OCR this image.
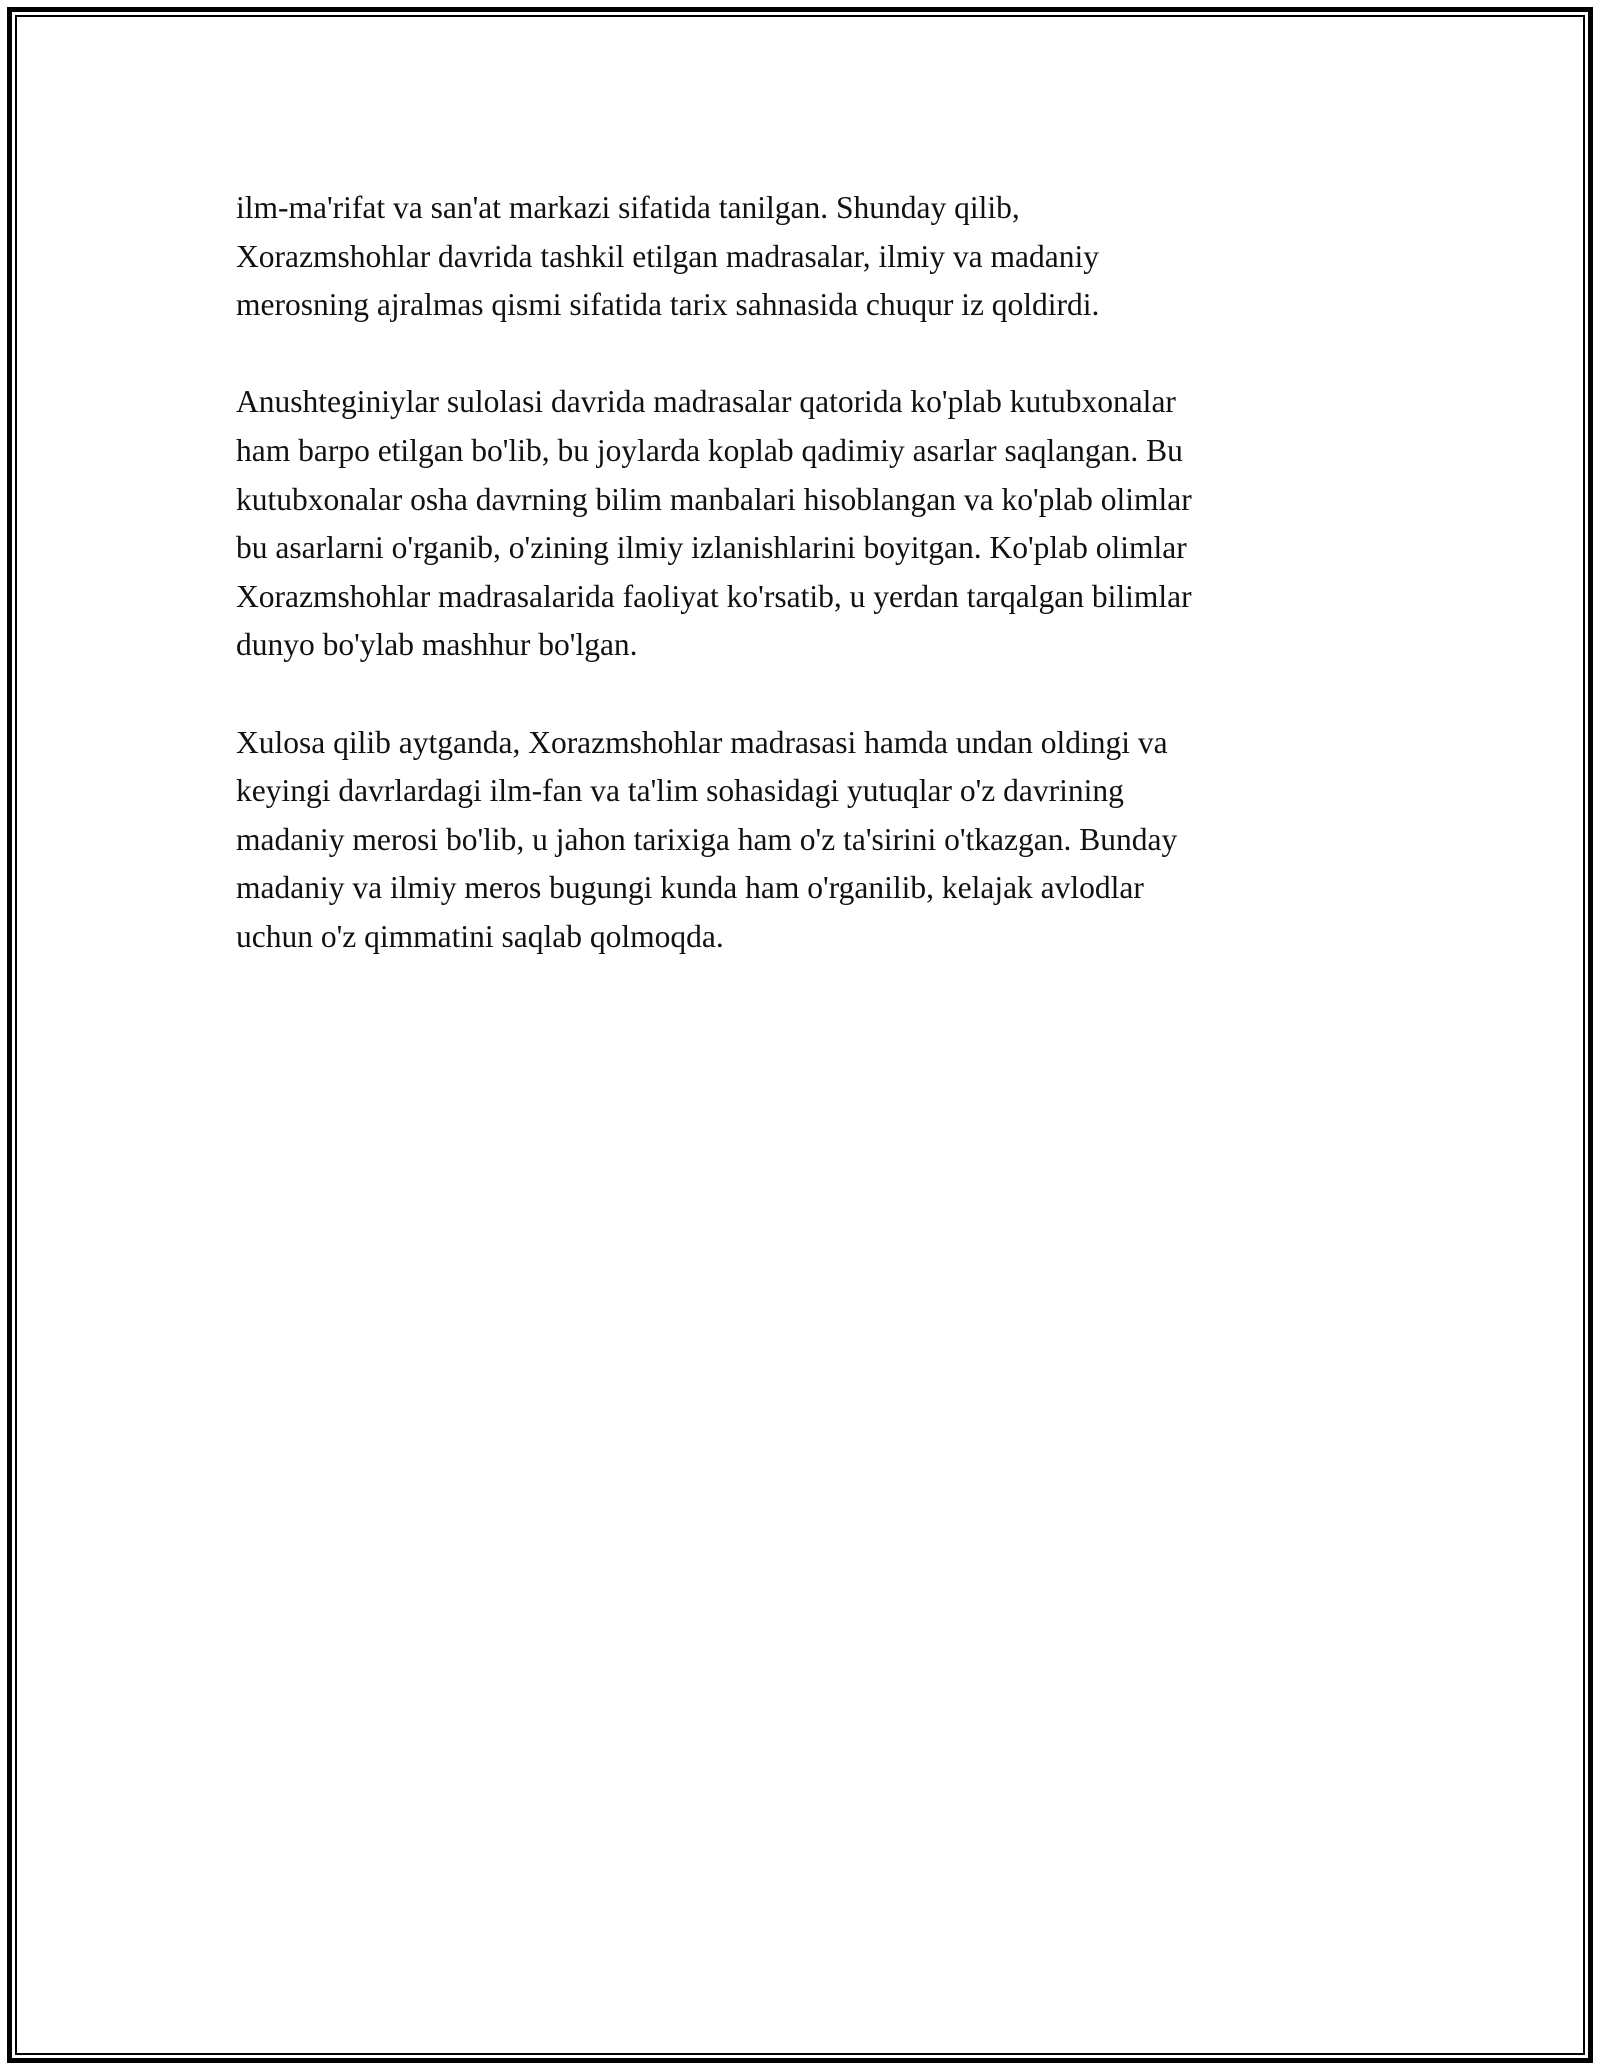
ilm-ma'rifat va san'at markazi sifatida tanilgan. Shunday qilib,
Xorazmshohlar davrida tashkil etilgan madrasalar, ilmiy va madaniy
merosning ajralmas qismi sifatida tarix sahnasida chuqur iz qoldirdi.

Anushteginiylar sulolasi davrida madrasalar qatorida ko'plab kutubxonalar
ham barpo etilgan bo'lib, bu joylarda koplab qadimiy asarlar saqlangan. Bu
kutubxonalar osha davrning bilim manbalari hisoblangan va ko'plab olimlar
bu asarlarni o'rganib, o'zining ilmiy izlanishlarini boyitgan. Ko'plab olimlar
Xorazmshohlar madrasalarida faoliyat ko'rsatib, u yerdan tarqalgan bilimlar
dunyo bo'ylab mashhur bo'lgan.

Xulosa qilib aytganda, Xorazmshohlar madrasasi hamda undan oldingi va
keyingi davrlardagi ilm-fan va ta'lim sohasidagi yutuqlar o'z davrining
madaniy merosi bo'lib, u jahon tarixiga ham o'z ta'sirini o'tkazgan. Bunday
madaniy va ilmiy meros bugungi kunda ham o'rganilib, kelajak avlodlar
uchun o'z qimmatini saqlab qolmoqda.
